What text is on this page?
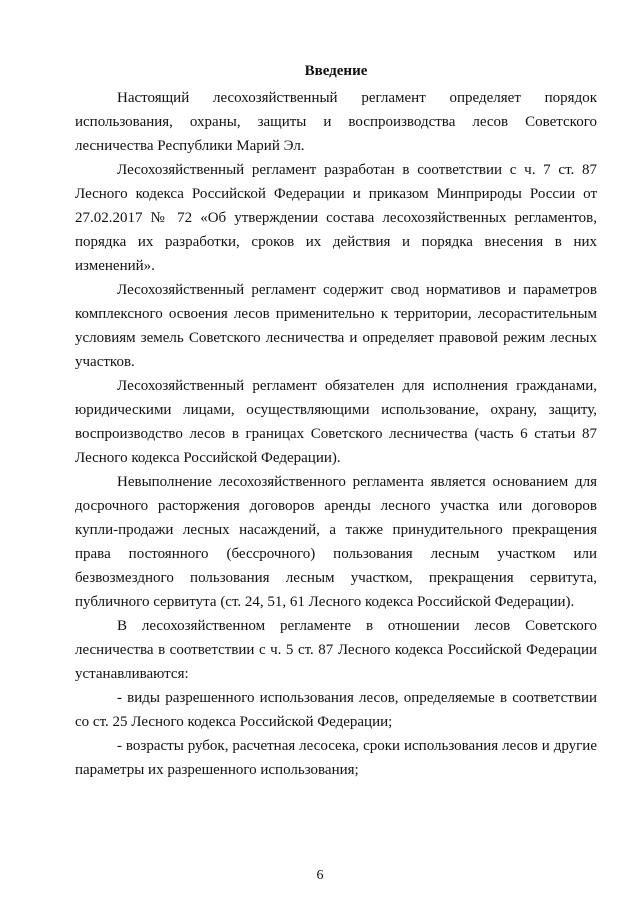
Введение

Настоящий лесохозяйственный регламент определяет порядок использования, охраны, защиты и воспроизводства лесов Советского лесничества Республики Марий Эл.

Лесохозяйственный регламент разработан в соответствии с ч. 7 ст. 87 Лесного кодекса Российской Федерации и приказом Минприроды России от 27.02.2017 № 72 «Об утверждении состава лесохозяйственных регламентов, порядка их разработки, сроков их действия и порядка внесения в них изменений».

Лесохозяйственный регламент содержит свод нормативов и параметров комплексного освоения лесов применительно к территории, лесорастительным условиям земель Советского лесничества и определяет правовой режим лесных участков.

Лесохозяйственный регламент обязателен для исполнения гражданами, юридическими лицами, осуществляющими использование, охрану, защиту, воспроизводство лесов в границах Советского лесничества (часть 6 статьи 87 Лесного кодекса Российской Федерации).

Невыполнение лесохозяйственного регламента является основанием для досрочного расторжения договоров аренды лесного участка или договоров купли-продажи лесных насаждений, а также принудительного прекращения права постоянного (бессрочного) пользования лесным участком или безвозмездного пользования лесным участком, прекращения сервитута, публичного сервитута (ст. 24, 51, 61 Лесного кодекса Российской Федерации).

В лесохозяйственном регламенте в отношении лесов Советского лесничества в соответствии с ч. 5 ст. 87 Лесного кодекса Российской Федерации устанавливаются:

- виды разрешенного использования лесов, определяемые в соответствии со ст. 25 Лесного кодекса Российской Федерации;

- возрасты рубок, расчетная лесосека, сроки использования лесов и другие параметры их разрешенного использования;

6
